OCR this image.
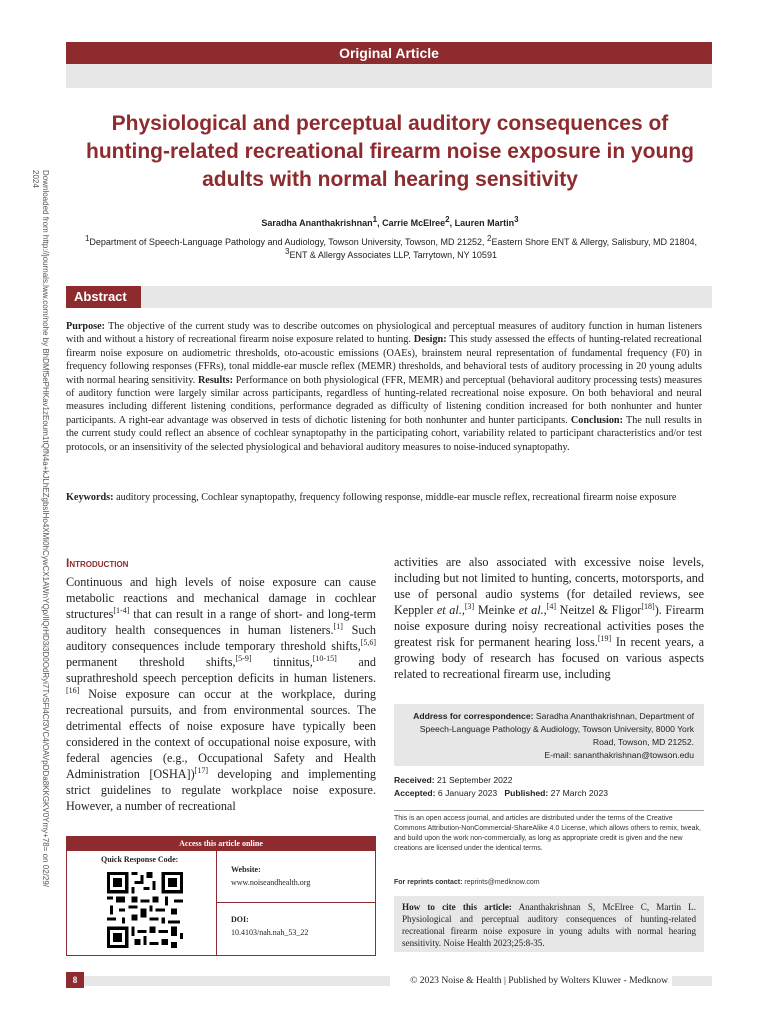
Original Article
Downloaded from http://journals.lww.com/nohe by BhDMf5ePHKav1zEoum1tQfN4a+kJLhEZgbsIHo4XMi0hCywCX1AWnYQp/IlQrHD3i3D0OdRyi7TvSFl4Cf3VC4/OAVpDDa8KKGKV0Ymy+78= on 02/29/2024
Physiological and perceptual auditory consequences of hunting-related recreational firearm noise exposure in young adults with normal hearing sensitivity
Saradha Ananthakrishnan$^1$, Carrie McElree$^2$, Lauren Martin$^3$
$^1$Department of Speech-Language Pathology and Audiology, Towson University, Towson, MD 21252, $^2$Eastern Shore ENT & Allergy, Salisbury, MD 21804,
$^3$ENT & Allergy Associates LLP, Tarrytown, NY 10591
Abstract
Purpose: The objective of the current study was to describe outcomes on physiological and perceptual measures of auditory function in human listeners with and without a history of recreational firearm noise exposure related to hunting. Design: This study assessed the effects of hunting-related recreational firearm noise exposure on audiometric thresholds, oto-acoustic emissions (OAEs), brainstem neural representation of fundamental frequency (F0) in frequency following responses (FFRs), tonal middle-ear muscle reflex (MEMR) thresholds, and behavioral tests of auditory processing in 20 young adults with normal hearing sensitivity. Results: Performance on both physiological (FFR, MEMR) and perceptual (behavioral auditory processing tests) measures of auditory function were largely similar across participants, regardless of hunting-related recreational noise exposure. On both behavioral and neural measures including different listening conditions, performance degraded as difficulty of listening condition increased for both nonhunter and hunter participants. A right-ear advantage was observed in tests of dichotic listening for both nonhunter and hunter participants. Conclusion: The null results in the current study could reflect an absence of cochlear synaptopathy in the participating cohort, variability related to participant characteristics and/or test protocols, or an insensitivity of the selected physiological and behavioral auditory measures to noise-induced synaptopathy.
Keywords: auditory processing, Cochlear synaptopathy, frequency following response, middle-ear muscle reflex, recreational firearm noise exposure
Introduction
Continuous and high levels of noise exposure can cause metabolic reactions and mechanical damage in cochlear structures[1-4] that can result in a range of short- and long-term auditory health consequences in human listeners.[1] Such auditory consequences include temporary threshold shifts,[5,6] permanent threshold shifts,[5-9] tinnitus,[10-15] and suprathreshold speech perception deficits in human listeners.[16] Noise exposure can occur at the workplace, during recreational pursuits, and from environmental sources. The detrimental effects of noise exposure have typically been considered in the context of occupational noise exposure, with federal agencies (e.g., Occupational Safety and Health Administration [OSHA])[17] developing and implementing strict guidelines to regulate workplace noise exposure. However, a number of recreational
activities are also associated with excessive noise levels, including but not limited to hunting, concerts, motorsports, and use of personal audio systems (for detailed reviews, see Keppler et al.,[3] Meinke et al.,[4] Neitzel & Fligor[18]). Firearm noise exposure during noisy recreational activities poses the greatest risk for permanent hearing loss.[19] In recent years, a growing body of research has focused on various aspects related to recreational firearm use, including
Address for correspondence: Saradha Ananthakrishnan, Department of Speech-Language Pathology & Audiology, Towson University, 8000 York Road, Towson, MD 21252.
E-mail: sananthakrishnan@towson.edu
Received: 21 September 2022
Accepted: 6 January 2023 Published: 27 March 2023
This is an open access journal, and articles are distributed under the terms of the Creative Commons Attribution-NonCommercial-ShareAlike 4.0 License, which allows others to remix, tweak, and build upon the work non-commercially, as long as appropriate credit is given and the new creations are licensed under the identical terms.
For reprints contact: reprints@medknow.com
How to cite this article: Ananthakrishnan S, McElree C, Martin L. Physiological and perceptual auditory consequences of hunting-related recreational firearm noise exposure in young adults with normal hearing sensitivity. Noise Health 2023;25:8-35.
Access this article online
Quick Response Code:
Website:
www.noiseandhealth.org
DOI:
10.4103/nah.nah_53_22
8	© 2023 Noise & Health | Published by Wolters Kluwer - Medknow
